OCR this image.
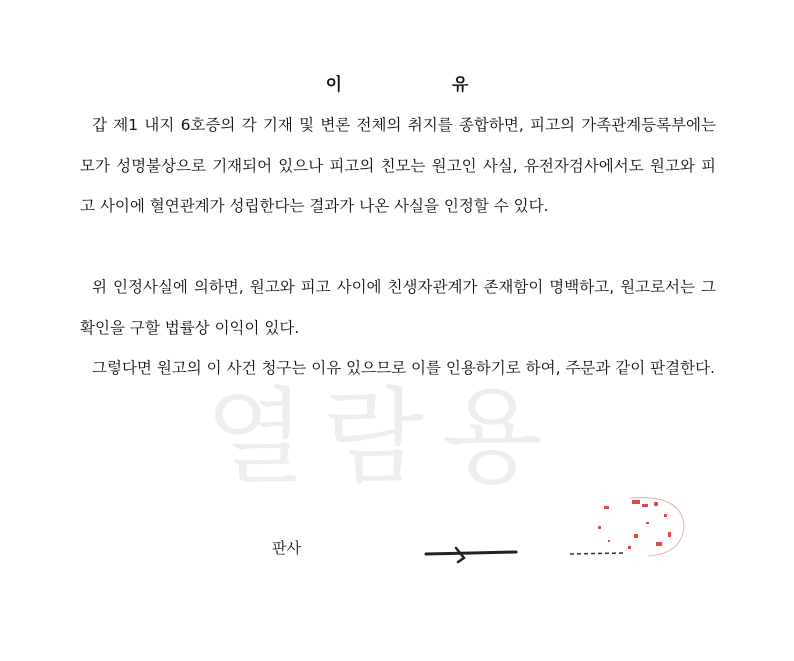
열람용
이 유

갑 제1 내지 6호증의 각 기재 및 변론 전체의 취지를 종합하면, 피고의 가족관계등록부에는 모가 성명불상으로 기재되어 있으나 피고의 친모는 원고인 사실, 유전자검사에서도 원고와 피고 사이에 혈연관계가 성립한다는 결과가 나온 사실을 인정할 수 있다.

위 인정사실에 의하면, 원고와 피고 사이에 친생자관계가 존재함이 명백하고, 원고로서는 그 확인을 구할 법률상 이익이 있다.

그렇다면 원고의 이 사건 청구는 이유 있으므로 이를 인용하기로 하여, 주문과 같이 판결한다.

판사
